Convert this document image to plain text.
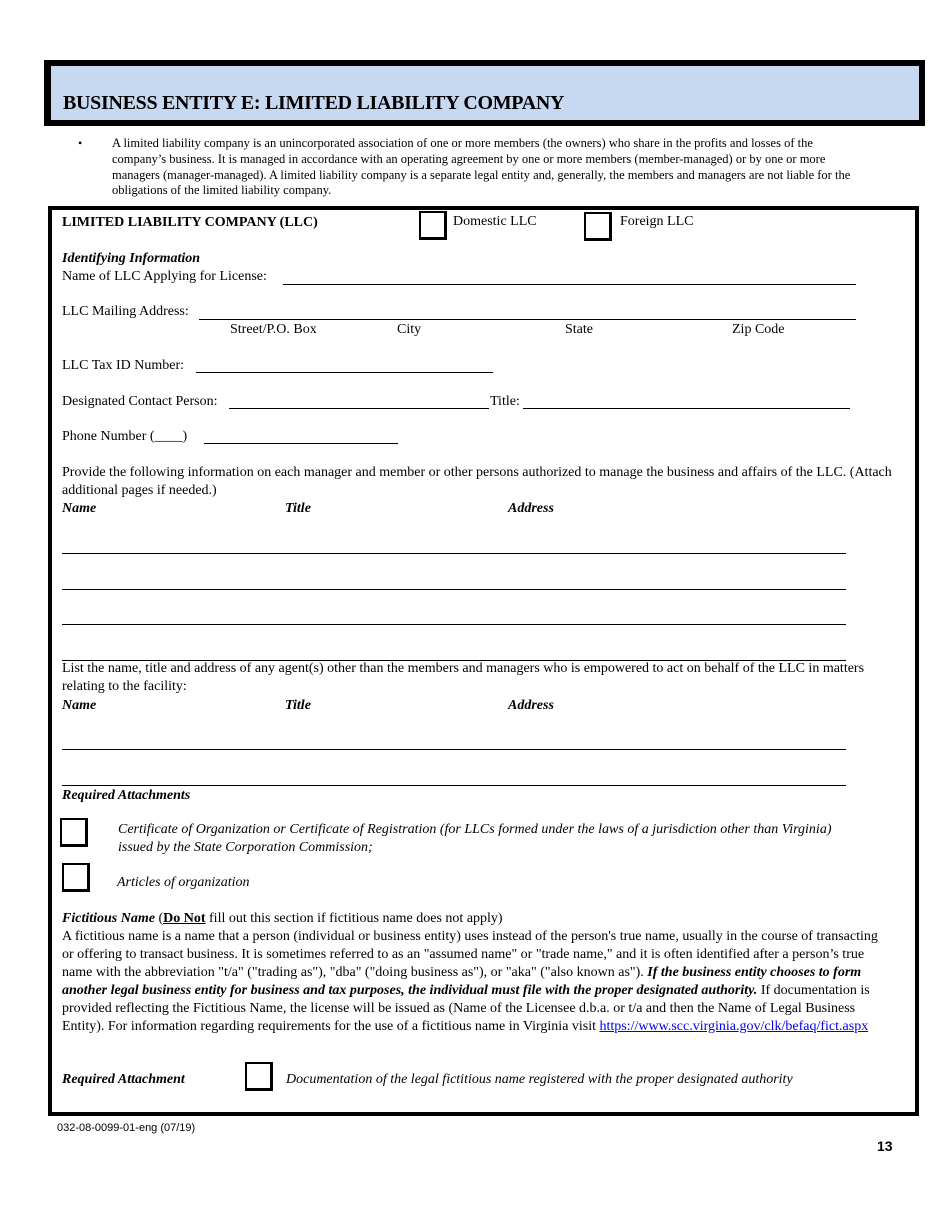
BUSINESS ENTITY E: LIMITED LIABILITY COMPANY
•	A limited liability company is an unincorporated association of one or more members (the owners) who share in the profits and losses of the company’s business. It is managed in accordance with an operating agreement by one or more members (member-managed) or by one or more managers (manager-managed). A limited liability company is a separate legal entity and, generally, the members and managers are not liable for the obligations of the limited liability company.
LIMITED LIABILITY COMPANY (LLC)	Domestic LLC	Foreign LLC
Identifying Information
Name of LLC Applying for License:
LLC Mailing Address:
Street/P.O. Box	City	State	Zip Code
LLC Tax ID Number:
Designated Contact Person:	Title:
Phone Number (____)
Provide the following information on each manager and member or other persons authorized to manage the business and affairs of the LLC. (Attach additional pages if needed.)
Name	Title	Address
List the name, title and address of any agent(s) other than the members and managers who is empowered to act on behalf of the LLC in matters relating to the facility:
Name	Title	Address
Required Attachments
Certificate of Organization or Certificate of Registration (for LLCs formed under the laws of a jurisdiction other than Virginia) issued by the State Corporation Commission;
Articles of organization
Fictitious Name (Do Not fill out this section if fictitious name does not apply)
A fictitious name is a name that a person (individual or business entity) uses instead of the person's true name, usually in the course of transacting or offering to transact business. It is sometimes referred to as an "assumed name" or "trade name," and it is often identified after a person’s true name with the abbreviation "t/a" ("trading as"), "dba" ("doing business as"), or "aka" ("also known as"). If the business entity chooses to form another legal business entity for business and tax purposes, the individual must file with the proper designated authority. If documentation is provided reflecting the Fictitious Name, the license will be issued as (Name of the Licensee d.b.a. or t/a and then the Name of Legal Business Entity). For information regarding requirements for the use of a fictitious name in Virginia visit https://www.scc.virginia.gov/clk/befaq/fict.aspx
Required Attachment	Documentation of the legal fictitious name registered with the proper designated authority
032-08-0099-01-eng (07/19)
13
